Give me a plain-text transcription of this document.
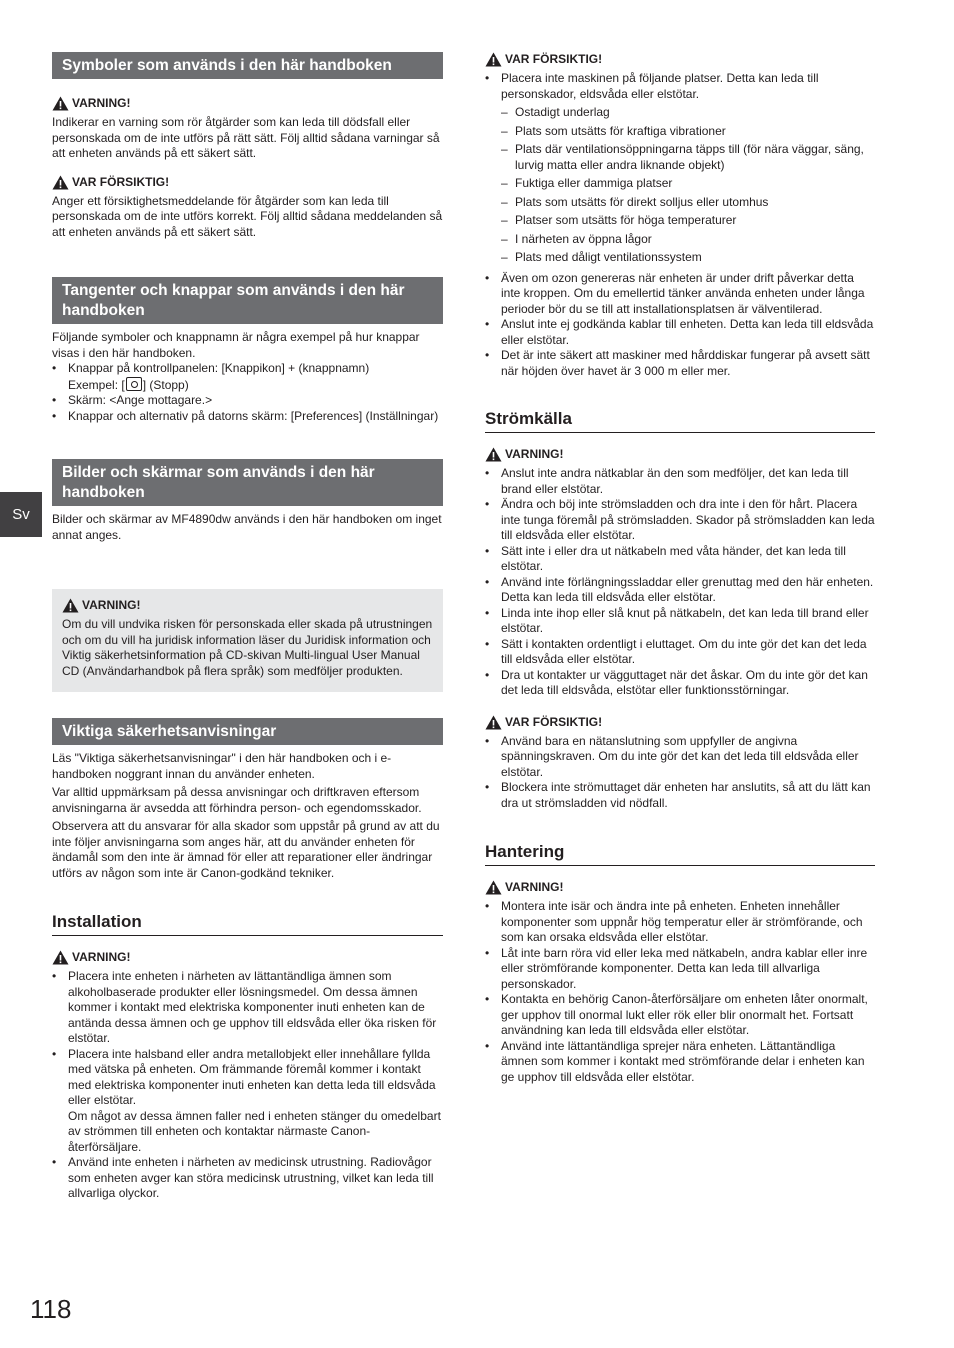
Symboler som används i den här handboken
VARNING!

Indikerar en varning som rör åtgärder som kan leda till dödsfall eller personskada om de inte utförs på rätt sätt. Följ alltid sådana varningar så att enheten används på ett säkert sätt.

VAR FÖRSIKTIG!

Anger ett försiktighetsmeddelande för åtgärder som kan leda till personskada om de inte utförs korrekt. Följ alltid sådana meddelanden så att enheten används på ett säkert sätt.

Tangenter och knappar som används i den här handboken

Följande symboler och knappnamn är några exempel på hur knappar visas i den här handboken.

• Knappar på kontrollpanelen: [Knappikon] + (knappnamn)
Exempel: [ ] (Stopp)
• Skärm: <Ange mottagare.>
• Knappar och alternativ på datorns skärm: [Preferences] (Inställningar)
Bilder och skärmar som används i den här handboken

Bilder och skärmar av MF4890dw används i den här handboken om inget annat anges.

VARNING!

Om du vill undvika risken för personskada eller skada på utrustningen och om du vill ha juridisk information läser du Juridisk information och Viktig säkerhetsinformation på CD-skivan Multi-lingual User Manual CD (Användarhandbok på flera språk) som medföljer produkten.

Viktiga säkerhetsanvisningar

Läs "Viktiga säkerhetsanvisningar" i den här handboken och i e-handboken noggrant innan du använder enheten.

Var alltid uppmärksam på dessa anvisningar och driftkraven eftersom anvisningarna är avsedda att förhindra person- och egendomsskador.

Observera att du ansvarar för alla skador som uppstår på grund av att du inte följer anvisningarna som anges här, att du använder enheten för ändamål som den inte är ämnad för eller att reparationer eller ändringar utförs av någon som inte är Canon-godkänd tekniker.

Installation
VARNING!
• Placera inte enheten i närheten av lättantändliga ämnen som alkoholbaserade produkter eller lösningsmedel. Om dessa ämnen kommer i kontakt med elektriska komponenter inuti enheten kan de antända dessa ämnen och ge upphov till eldsvåda eller öka risken för elstötar.
• Placera inte halsband eller andra metallobjekt eller innehållare fyllda med vätska på enheten. Om främmande föremål kommer i kontakt med elektriska komponenter inuti enheten kan detta leda till eldsvåda eller elstötar.
Om något av dessa ämnen faller ned i enheten stänger du omedelbart av strömmen till enheten och kontaktar närmaste Canon-återförsäljare.
• Använd inte enheten i närheten av medicinsk utrustning. Radiovågor som enheten avger kan störa medicinsk utrustning, vilket kan leda till allvarliga olyckor.
VAR FÖRSIKTIG!
• Placera inte maskinen på följande platser. Detta kan leda till personskador, eldsvåda eller elstötar.
– Ostadigt underlag
– Plats som utsätts för kraftiga vibrationer
– Plats där ventilationsöppningarna täpps till (för nära väggar, säng, lurvig matta eller andra liknande objekt)
– Fuktiga eller dammiga platser
– Plats som utsätts för direkt solljus eller utomhus
– Platser som utsätts för höga temperaturer
– I närheten av öppna lågor
– Plats med dåligt ventilationssystem
• Även om ozon genereras när enheten är under drift påverkar detta inte kroppen. Om du emellertid tänker använda enheten under långa perioder bör du se till att installationsplatsen är välventilerad.
• Anslut inte ej godkända kablar till enheten. Detta kan leda till eldsvåda eller elstötar.
• Det är inte säkert att maskiner med hårddiskar fungerar på avsett sätt när höjden över havet är 3 000 m eller mer.
Strömkälla
VARNING!
• Anslut inte andra nätkablar än den som medföljer, det kan leda till brand eller elstötar.
• Ändra och böj inte strömsladden och dra inte i den för hårt. Placera inte tunga föremål på strömsladden. Skador på strömsladden kan leda till eldsvåda eller elstötar.
• Sätt inte i eller dra ut nätkabeln med våta händer, det kan leda till elstötar.
• Använd inte förlängningssladdar eller grenuttag med den här enheten. Detta kan leda till eldsvåda eller elstötar.
• Linda inte ihop eller slå knut på nätkabeln, det kan leda till brand eller elstötar.
• Sätt i kontakten ordentligt i eluttaget. Om du inte gör det kan det leda till eldsvåda eller elstötar.
• Dra ut kontakter ur vägguttaget när det åskar. Om du inte gör det kan det leda till eldsvåda, elstötar eller funktionsstörningar.
VAR FÖRSIKTIG!
• Använd bara en nätanslutning som uppfyller de angivna spänningskraven. Om du inte gör det kan det leda till eldsvåda eller elstötar.
• Blockera inte strömuttaget där enheten har anslutits, så att du lätt kan dra ut strömsladden vid nödfall.
Hantering
VARNING!
• Montera inte isär och ändra inte på enheten. Enheten innehåller komponenter som uppnår hög temperatur eller är strömförande, och som kan orsaka eldsvåda eller elstötar.
• Låt inte barn röra vid eller leka med nätkabeln, andra kablar eller inre eller strömförande komponenter. Detta kan leda till allvarliga personskador.
• Kontakta en behörig Canon-återförsäljare om enheten låter onormalt, ger upphov till onormal lukt eller rök eller blir onormalt het. Fortsatt användning kan leda till eldsvåda eller elstötar.
• Använd inte lättantändliga sprejer nära enheten. Lättantändliga ämnen som kommer i kontakt med strömförande delar i enheten kan ge upphov till eldsvåda eller elstötar.
Sv
118
